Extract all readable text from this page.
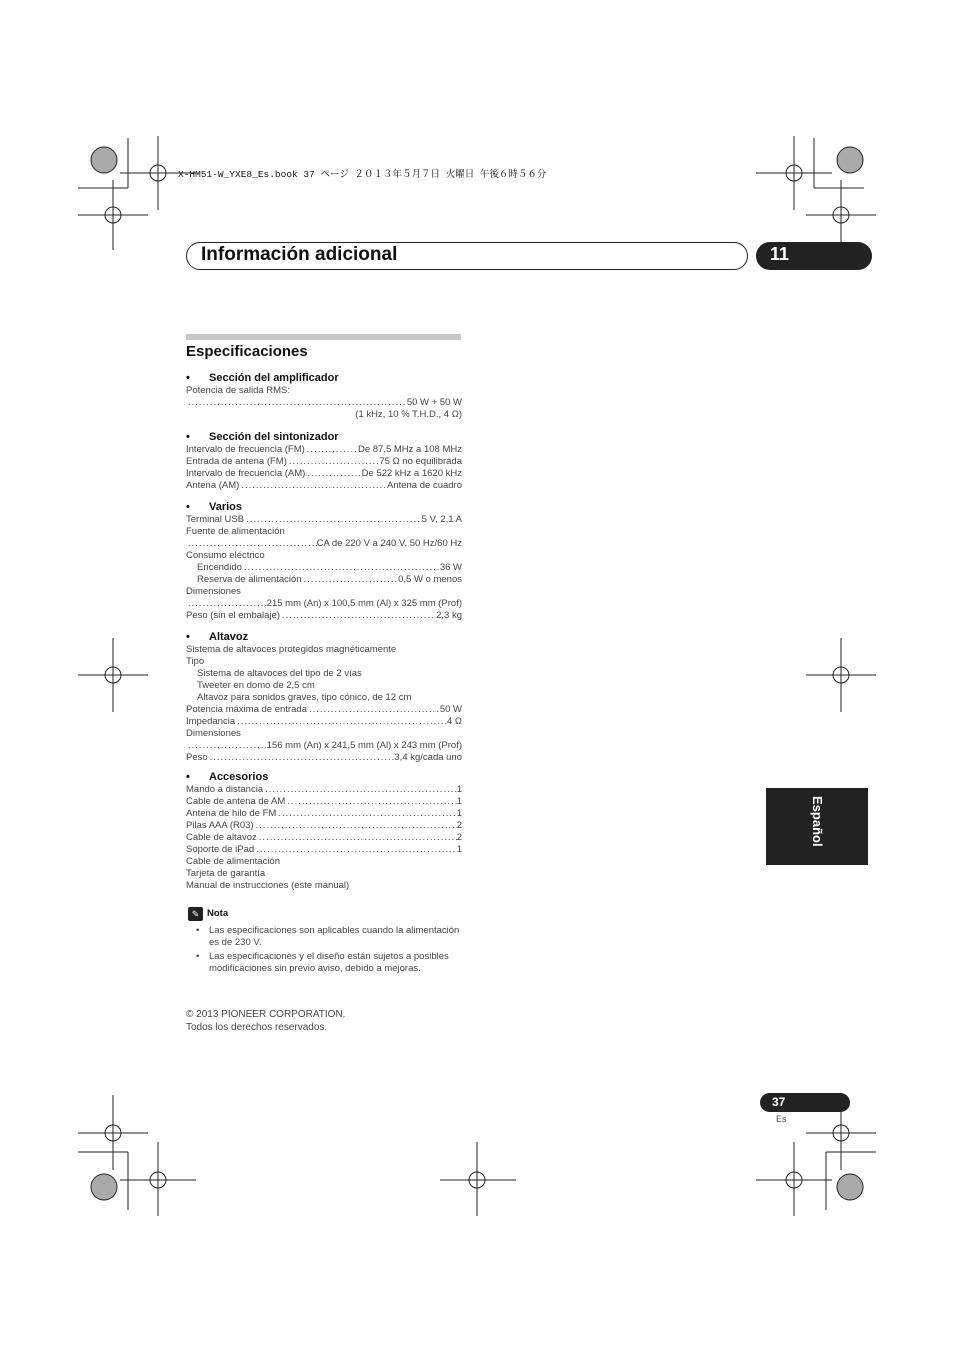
X-HM51-W_YXE8_Es.book 37 ページ ２０１３年５月７日 火曜日 午後６時５６分
Información adicional	11
Especificaciones
• Sección del amplificador
Potencia de salida RMS:
.....
50 W + 50 W
(1 kHz, 10 % T.H.D., 4 Ω)
• Sección del sintonizador
Intervalo de frecuencia (FM) .....	De 87,5 MHz a 108 MHz
Entrada de antena (FM) .....	75 Ω no equilibrada
Intervalo de frecuencia (AM) .....	De 522 kHz a 1620 kHz
Antena (AM) .....	Antena de cuadro
• Varios
Terminal USB .....	5 V, 2,1 A
Fuente de alimentación
.....
CA de 220 V a 240 V, 50 Hz/60 Hz
Consumo eléctrico
Encendido .....	36 W
Reserva de alimentación .....	0,5 W o menos
Dimensiones
.....
215 mm (An) x 100,5 mm (Al) x 325 mm (Prof)
Peso (sin el embalaje) .....	2,3 kg
• Altavoz
Sistema de altavoces protegidos magnéticamente
Tipo
Sistema de altavoces del tipo de 2 vías
Tweeter en domo de 2,5 cm
Altavoz para sonidos graves, tipo cónico, de 12 cm
Potencia máxima de entrada .....	50 W
Impedancia .....	4 Ω
Dimensiones
.....
156 mm (An) x 241,5 mm (Al) x 243 mm (Prof)
Peso .....	3,4 kg/cada uno
• Accesorios
Mando a distancia .....	1
Cable de antena de AM .....	1
Antena de hilo de FM .....	1
Pilas AAA (R03) .....	2
Cable de altavoz .....	2
Soporte de iPad .....	1
Cable de alimentación
Tarjeta de garantía
Manual de instrucciones (este manual)
✎ Nota
•	Las especificaciones son aplicables cuando la alimentación es de 230 V.
•	Las especificaciones y el diseño están sujetos a posibles modificaciones sin previo aviso, debido a mejoras.
© 2013 PIONEER CORPORATION.
Todos los derechos reservados.
Español
37
Es
